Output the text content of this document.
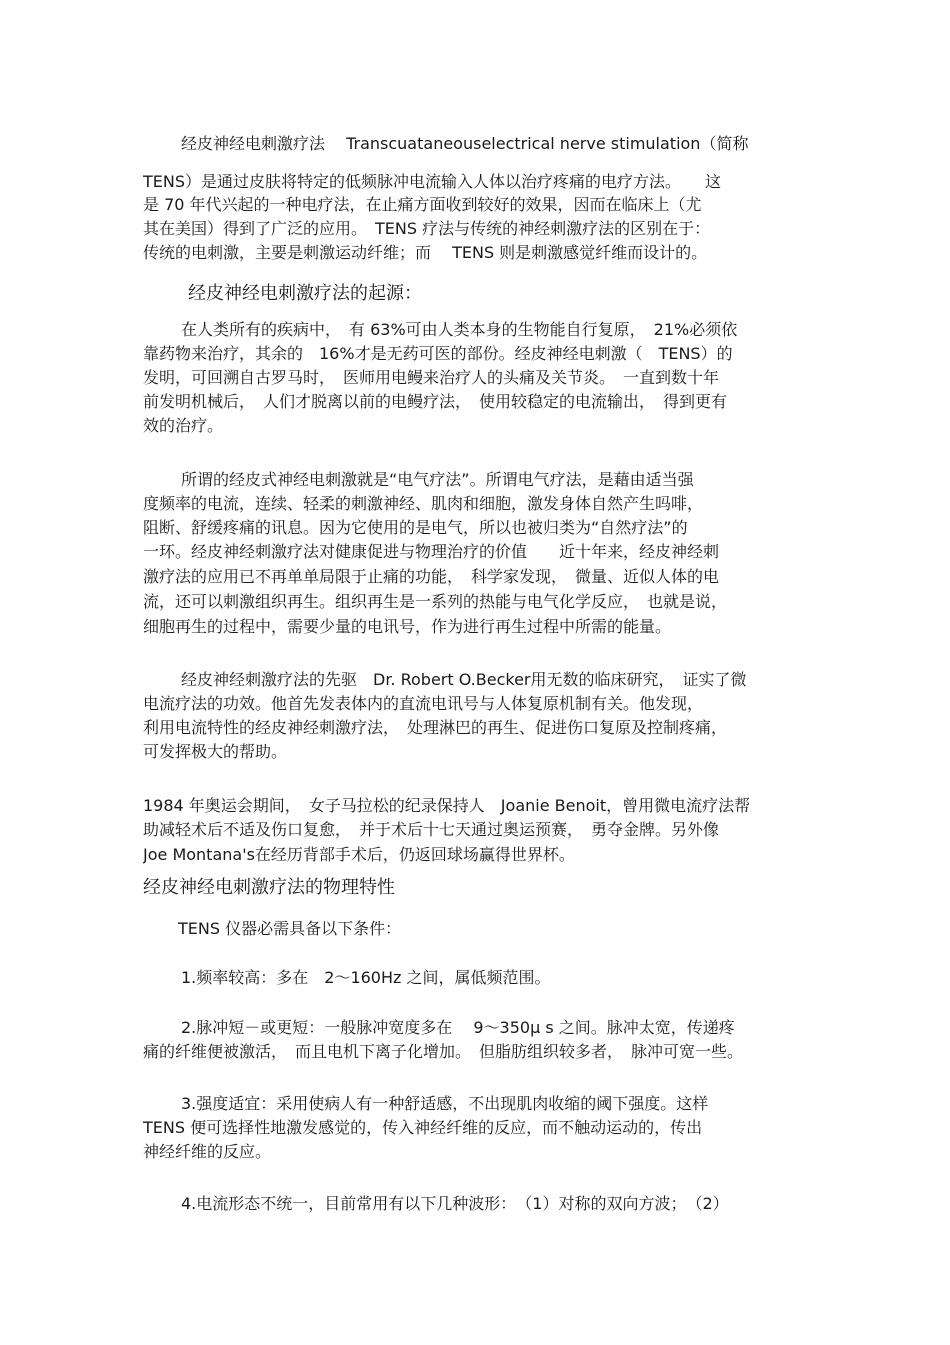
经皮神经电刺激疗法　 Transcuataneouselectrical nerve stimulation（简称
TENS）是通过皮肤将特定的低频脉冲电流输入人体以治疗疼痛的电疗方法。　　这
是 70 年代兴起的一种电疗法，在止痛方面收到较好的效果，因而在临床上（尤
其在美国）得到了广泛的应用。　TENS 疗法与传统的神经刺激疗法的区别在于：
传统的电刺激，主要是刺激运动纤维；而　 TENS 则是刺激感觉纤维而设计的。
经皮神经电刺激疗法的起源：
在人类所有的疾病中，　有 63%可由人类本身的生物能自行复原，　21%必须依
靠药物来治疗，其余的　16%才是无药可医的部份。经皮神经电刺激（　TENS）的
发明，可回溯自古罗马时，　医师用电鳗来治疗人的头痛及关节炎。　一直到数十年
前发明机械后，　人们才脱离以前的电鳗疗法，　使用较稳定的电流输出，　得到更有
效的治疗。
所谓的经皮式神经电刺激就是“电气疗法”。所谓电气疗法，是藉由适当强
度频率的电流，连续、轻柔的刺激神经、肌肉和细胞，激发身体自然产生吗啡，
阻断、舒缓疼痛的讯息。因为它使用的是电气，所以也被归类为“自然疗法”的
一环。经皮神经刺激疗法对健康促进与物理治疗的价值　　近十年来，经皮神经刺
激疗法的应用已不再单单局限于止痛的功能，　科学家发现，　微量、近似人体的电
流，还可以刺激组织再生。组织再生是一系列的热能与电气化学反应，　也就是说，
细胞再生的过程中，需要少量的电讯号，作为进行再生过程中所需的能量。
经皮神经刺激疗法的先驱　Dr. Robert O.Becker用无数的临床研究，　证实了微
电流疗法的功效。他首先发表体内的直流电讯号与人体复原机制有关。他发现，
利用电流特性的经皮神经刺激疗法，　处理淋巴的再生、促进伤口复原及控制疼痛，
可发挥极大的帮助。
1984 年奥运会期间，　女子马拉松的纪录保持人　Joanie Benoit，曾用微电流疗法帮
助减轻术后不适及伤口复愈，　并于术后十七天通过奥运预赛，　勇夺金牌。另外像
Joe Montana's在经历背部手术后，仍返回球场赢得世界杯。
经皮神经电刺激疗法的物理特性
TENS 仪器必需具备以下条件：
1.频率较高：多在　2～160Hz 之间，属低频范围。
2.脉冲短－或更短：一般脉冲宽度多在　 9～350μ s 之间。脉冲太宽，传递疼
痛的纤维便被激活，　而且电机下离子化增加。　但脂肪组织较多者，　脉冲可宽一些。
3.强度适宜：采用使病人有一种舒适感，不出现肌肉收缩的阈下强度。这样
TENS 便可选择性地激发感觉的，传入神经纤维的反应，而不触动运动的，传出
神经纤维的反应。
4.电流形态不统一，目前常用有以下几种波形：　（1）对称的双向方波；　（2）
